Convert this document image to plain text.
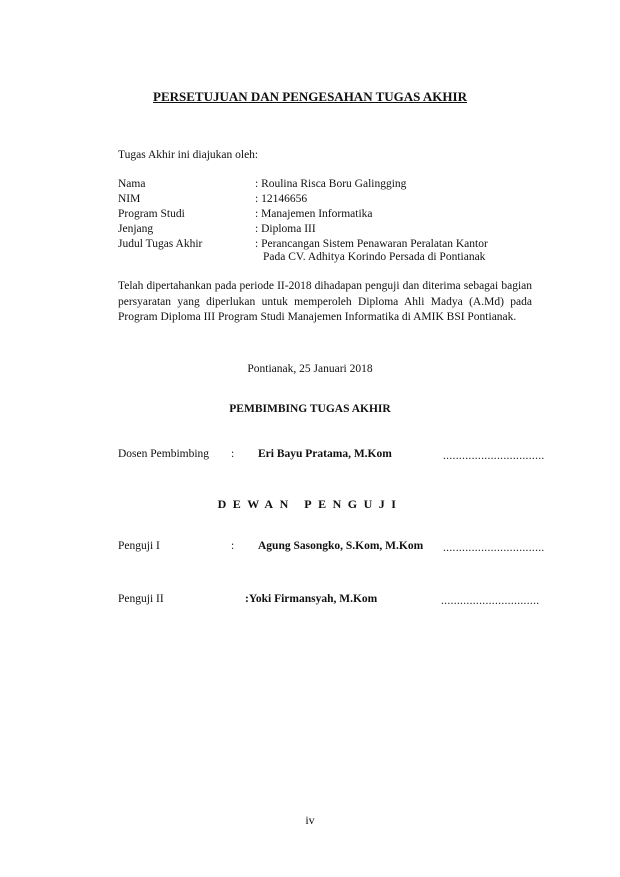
PERSETUJUAN DAN PENGESAHAN TUGAS AKHIR
Tugas Akhir ini diajukan oleh:
Nama	: Roulina Risca Boru Galingging
NIM	: 12146656
Program Studi	: Manajemen Informatika
Jenjang	: Diploma III
Judul Tugas Akhir	: Perancangan Sistem Penawaran Peralatan Kantor
Pada CV. Adhitya Korindo Persada di Pontianak
Telah dipertahankan pada periode II-2018 dihadapan penguji dan diterima sebagai bagian persyaratan yang diperlukan untuk memperoleh Diploma Ahli Madya (A.Md) pada Program Diploma III Program Studi Manajemen Informatika di AMIK BSI Pontianak.
Pontianak, 25 Januari 2018
PEMBIMBING TUGAS AKHIR
Dosen Pembimbing : Eri Bayu Pratama, M.Kom	................................
DEWAN PENGUJI
Penguji I	: Agung Sasongko, S.Kom, M.Kom ................................
Penguji II	:Yoki Firmansyah, M.Kom	...............................
iv
